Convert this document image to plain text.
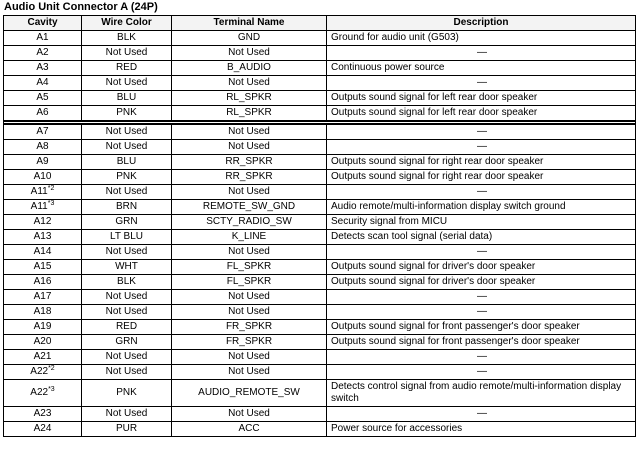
Audio Unit Connector A (24P)
Cavity	Wire Color	Terminal Name	Description
A1	BLK	GND	Ground for audio unit (G503)
A2	Not Used	Not Used	—
A3	RED	B_AUDIO	Continuous power source
A4	Not Used	Not Used	—
A5	BLU	RL_SPKR	Outputs sound signal for left rear door speaker
A6	PNK	RL_SPKR	Outputs sound signal for left rear door speaker

A7	Not Used	Not Used	—
A8	Not Used	Not Used	—
A9	BLU	RR_SPKR	Outputs sound signal for right rear door speaker
A10	PNK	RR_SPKR	Outputs sound signal for right rear door speaker
A11$^{*2}$	Not Used	Not Used	—
A11$^{*3}$	BRN	REMOTE_SW_GND	Audio remote/multi-information display switch ground
A12	GRN	SCTY_RADIO_SW	Security signal from MICU
A13	LT BLU	K_LINE	Detects scan tool signal (serial data)
A14	Not Used	Not Used	—
A15	WHT	FL_SPKR	Outputs sound signal for driver's door speaker
A16	BLK	FL_SPKR	Outputs sound signal for driver's door speaker
A17	Not Used	Not Used	—
A18	Not Used	Not Used	—
A19	RED	FR_SPKR	Outputs sound signal for front passenger's door speaker
A20	GRN	FR_SPKR	Outputs sound signal for front passenger's door speaker
A21	Not Used	Not Used	—
A22$^{*2}$	Not Used	Not Used	—
A22$^{*3}$	PNK	AUDIO_REMOTE_SW	Detects control signal from audio remote/multi-information display switch
A23	Not Used	Not Used	—
A24	PUR	ACC	Power source for accessories
